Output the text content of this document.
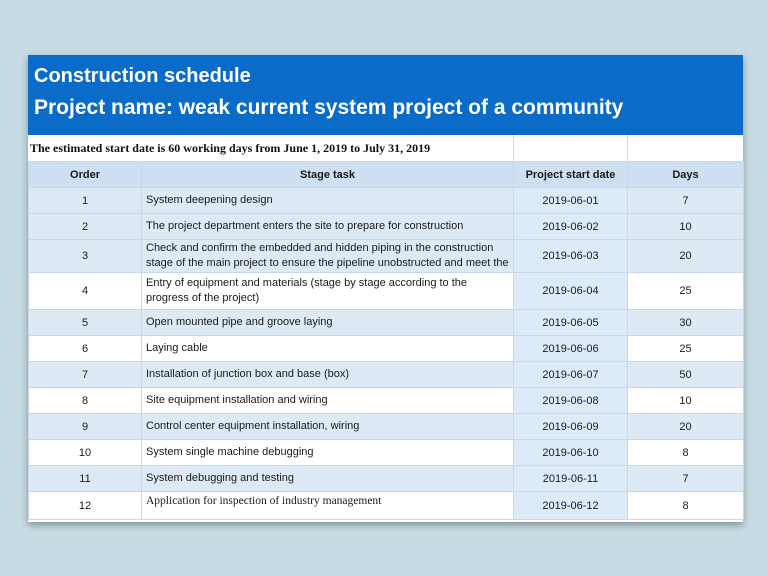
Construction schedule
Project name: weak current system project of a community
The estimated start date is 60 working days from June 1, 2019 to July 31, 2019
Order	Stage task	Project start date	Days
1	System deepening design	2019-06-01	7
2	The project department enters the site to prepare for construction	2019-06-02	10
3	Check and confirm the embedded and hidden piping in the construction stage of the main project to ensure the pipeline unobstructed and meet the	2019-06-03	20
4	Entry of equipment and materials (stage by stage according to the progress of the project)	2019-06-04	25
5	Open mounted pipe and groove laying	2019-06-05	30
6	Laying cable	2019-06-06	25
7	Installation of junction box and base (box)	2019-06-07	50
8	Site equipment installation and wiring	2019-06-08	10
9	Control center equipment installation, wiring	2019-06-09	20
10	System single machine debugging	2019-06-10	8
11	System debugging and testing	2019-06-11	7
12	Application for inspection of industry management	2019-06-12	8
